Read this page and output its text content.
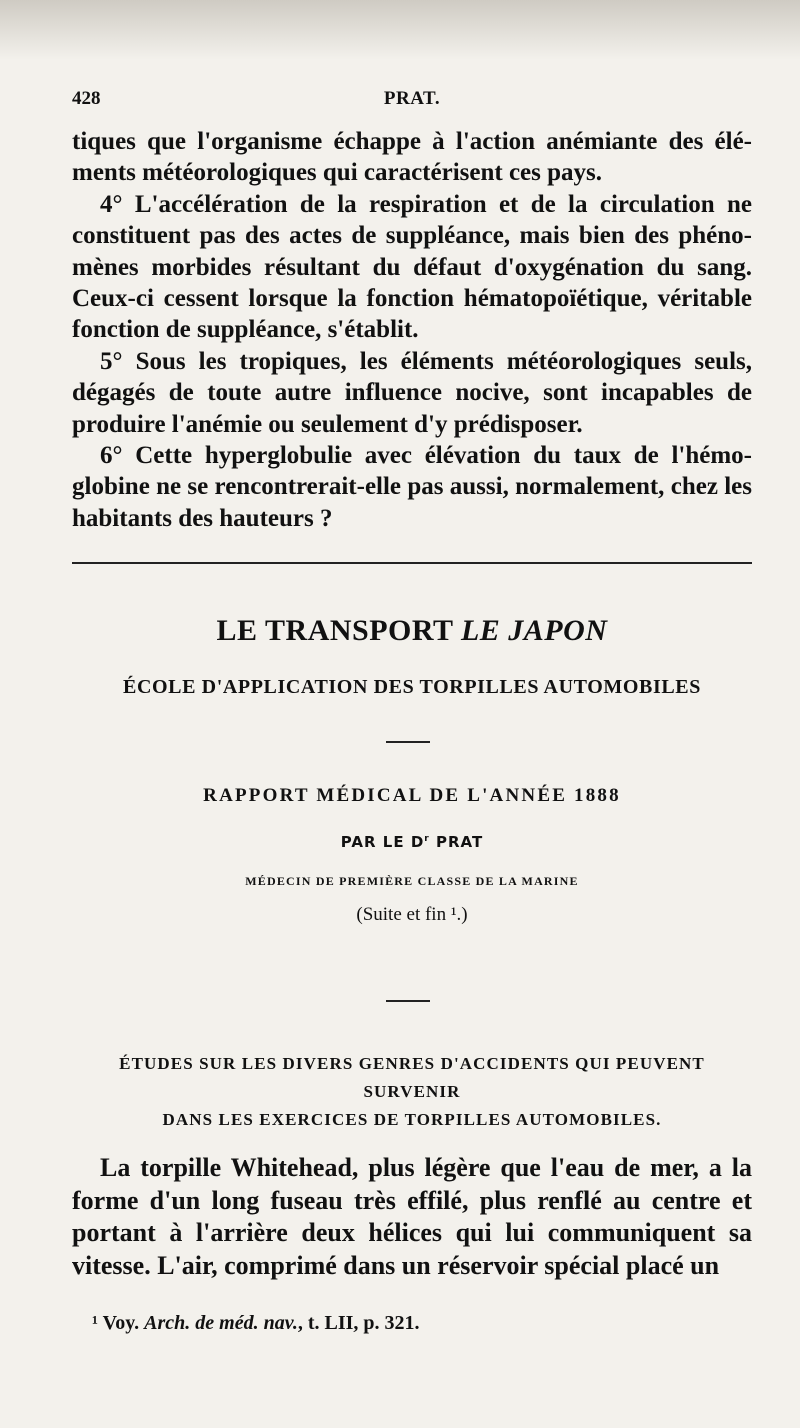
428	PRAT.

tiques que l'organisme échappe à l'action anémiante des éléments météorologiques qui caractérisent ces pays.

4° L'accélération de la respiration et de la circulation ne constituent pas des actes de suppléance, mais bien des phénomènes morbides résultant du défaut d'oxygénation du sang. Ceux-ci cessent lorsque la fonction hématopoïétique, véritable fonction de suppléance, s'établit.

5° Sous les tropiques, les éléments météorologiques seuls, dégagés de toute autre influence nocive, sont incapables de produire l'anémie ou seulement d'y prédisposer.

6° Cette hyperglobulie avec élévation du taux de l'hémoglobine ne se rencontrerait-elle pas aussi, normalement, chez les habitants des hauteurs ?

LE TRANSPORT LE JAPON
ÉCOLE D'APPLICATION DES TORPILLES AUTOMOBILES
RAPPORT MÉDICAL DE L'ANNÉE 1888
PAR LE $D^r$ PRAT
MÉDECIN DE PREMIÈRE CLASSE DE LA MARINE
(Suite et fin ¹.)
ÉTUDES SUR LES DIVERS GENRES D'ACCIDENTS QUI PEUVENT SURVENIR
DANS LES EXERCICES DE TORPILLES AUTOMOBILES.

La torpille Whitehead, plus légère que l'eau de mer, a la forme d'un long fuseau très effilé, plus renflé au centre et portant à l'arrière deux hélices qui lui communiquent sa vitesse. L'air, comprimé dans un réservoir spécial placé un

¹ Voy. Arch. de méd. nav., t. LII, p. 321.
